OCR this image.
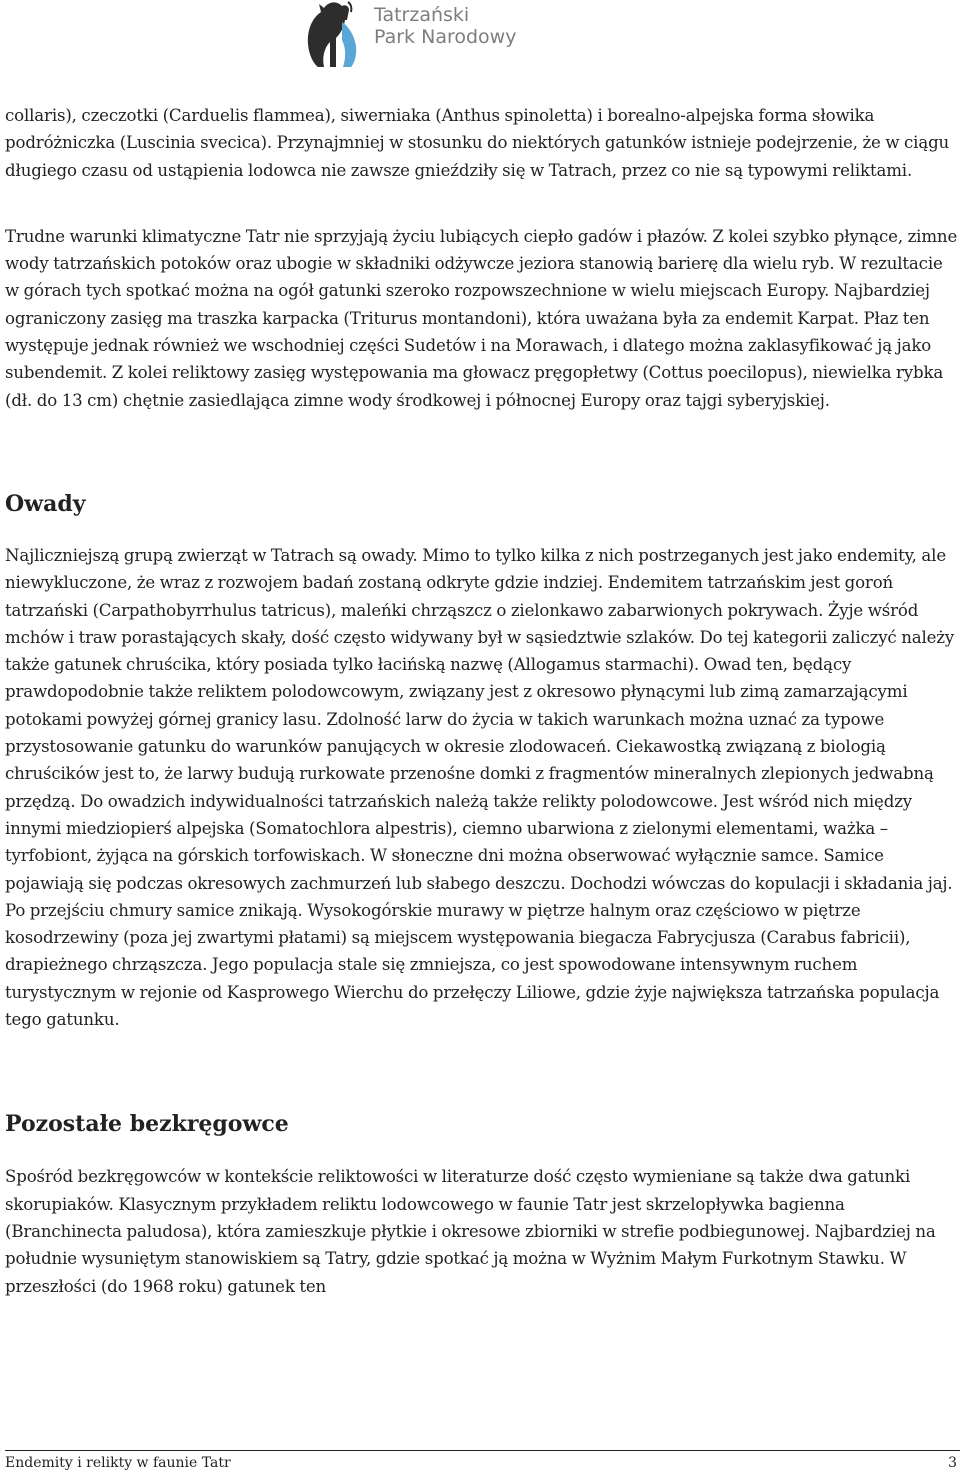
Tatrzański
Park Narodowy

collaris), czeczotki (Carduelis flammea), siwerniaka (Anthus spinoletta) i borealno-alpejska forma słowika podróżniczka (Luscinia svecica). Przynajmniej w stosunku do niektórych gatunków istnieje podejrzenie, że w ciągu długiego czasu od ustąpienia lodowca nie zawsze gnieździły się w Tatrach, przez co nie są typowymi reliktami.

Trudne warunki klimatyczne Tatr nie sprzyjają życiu lubiących ciepło gadów i płazów. Z kolei szybko płynące, zimne wody tatrzańskich potoków oraz ubogie w składniki odżywcze jeziora stanowią barierę dla wielu ryb. W rezultacie w górach tych spotkać można na ogół gatunki szeroko rozpowszechnione w wielu miejscach Europy. Najbardziej ograniczony zasięg ma traszka karpacka (Triturus montandoni), która uważana była za endemit Karpat. Płaz ten występuje jednak również we wschodniej części Sudetów i na Morawach, i dlatego można zaklasyfikować ją jako subendemit. Z kolei reliktowy zasięg występowania ma głowacz pręgopłetwy (Cottus poecilopus), niewielka rybka (dł. do 13 cm) chętnie zasiedlająca zimne wody środkowej i północnej Europy oraz tajgi syberyjskiej.

Owady

Najliczniejszą grupą zwierząt w Tatrach są owady. Mimo to tylko kilka z nich postrzeganych jest jako endemity, ale niewykluczone, że wraz z rozwojem badań zostaną odkryte gdzie indziej. Endemitem tatrzańskim jest goroń tatrzański (Carpathobyrrhulus tatricus), maleńki chrząszcz o zielonkawo zabarwionych pokrywach. Żyje wśród mchów i traw porastających skały, dość często widywany był w sąsiedztwie szlaków. Do tej kategorii zaliczyć należy także gatunek chruścika, który posiada tylko łacińską nazwę (Allogamus starmachi). Owad ten, będący prawdopodobnie także reliktem polodowcowym, związany jest z okresowo płynącymi lub zimą zamarzającymi potokami powyżej górnej granicy lasu. Zdolność larw do życia w takich warunkach można uznać za typowe przystosowanie gatunku do warunków panujących w okresie zlodowaceń. Ciekawostką związaną z biologią chruścików jest to, że larwy budują rurkowate przenośne domki z fragmentów mineralnych zlepionych jedwabną przędzą. Do owadzich indywidualności tatrzańskich należą także relikty polodowcowe. Jest wśród nich między innymi miedziopierś alpejska (Somatochlora alpestris), ciemno ubarwiona z zielonymi elementami, ważka – tyrfobiont, żyjąca na górskich torfowiskach. W słoneczne dni można obserwować wyłącznie samce. Samice pojawiają się podczas okresowych zachmurzeń lub słabego deszczu. Dochodzi wówczas do kopulacji i składania jaj. Po przejściu chmury samice znikają. Wysokogórskie murawy w piętrze halnym oraz częściowo w piętrze kosodrzewiny (poza jej zwartymi płatami) są miejscem występowania biegacza Fabrycjusza (Carabus fabricii), drapieżnego chrząszcza. Jego populacja stale się zmniejsza, co jest spowodowane intensywnym ruchem turystycznym w rejonie od Kasprowego Wierchu do przełęczy Liliowe, gdzie żyje największa tatrzańska populacja tego gatunku.

Pozostałe bezkręgowce

Spośród bezkręgowców w kontekście reliktowości w literaturze dość często wymieniane są także dwa gatunki skorupiaków. Klasycznym przykładem reliktu lodowcowego w faunie Tatr jest skrzelopływka bagienna (Branchinecta paludosa), która zamieszkuje płytkie i okresowe zbiorniki w strefie podbiegunowej. Najbardziej na południe wysuniętym stanowiskiem są Tatry, gdzie spotkać ją można w Wyżnim Małym Furkotnym Stawku. W przeszłości (do 1968 roku) gatunek ten

Endemity i relikty w faunie Tatr	3
